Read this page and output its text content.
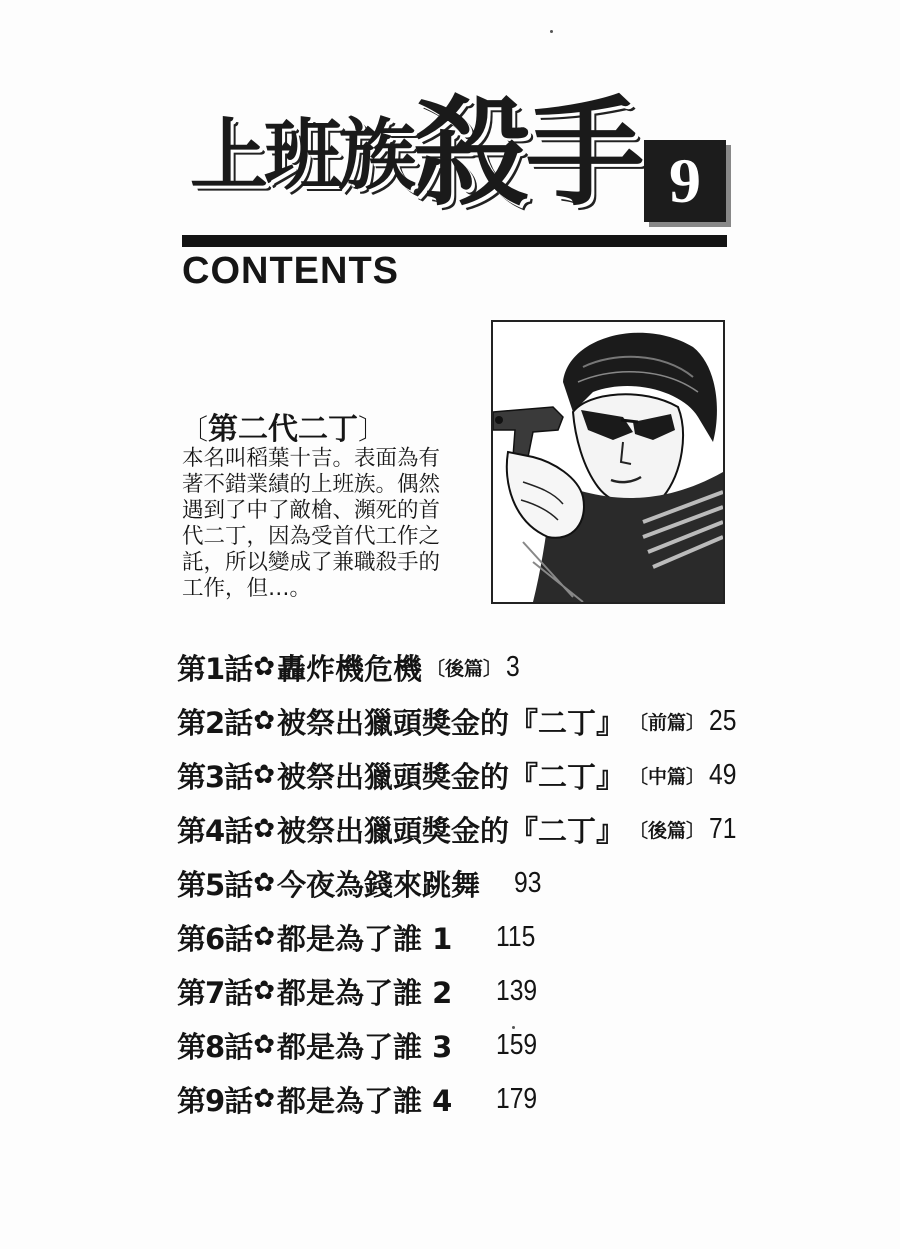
上班族殺手 9
CONTENTS
〔第二代二丁〕
本名叫稻葉十吉。表面為有
著不錯業績的上班族。偶然
遇到了中了敵槍、瀕死的首
代二丁，因為受首代工作之
託，所以變成了兼職殺手的
工作，但…。
第1話 ✿ 轟炸機危機 〔後篇〕 3
第2話 ✿ 被祭出獵頭獎金的『二丁』 〔前篇〕 25
第3話 ✿ 被祭出獵頭獎金的『二丁』 〔中篇〕 49
第4話 ✿ 被祭出獵頭獎金的『二丁』 〔後篇〕 71
第5話 ✿ 今夜為錢來跳舞 93
第6話 ✿ 都是為了誰 1 115
第7話 ✿ 都是為了誰 2 139
第8話 ✿ 都是為了誰 3 159
第9話 ✿ 都是為了誰 4 179
